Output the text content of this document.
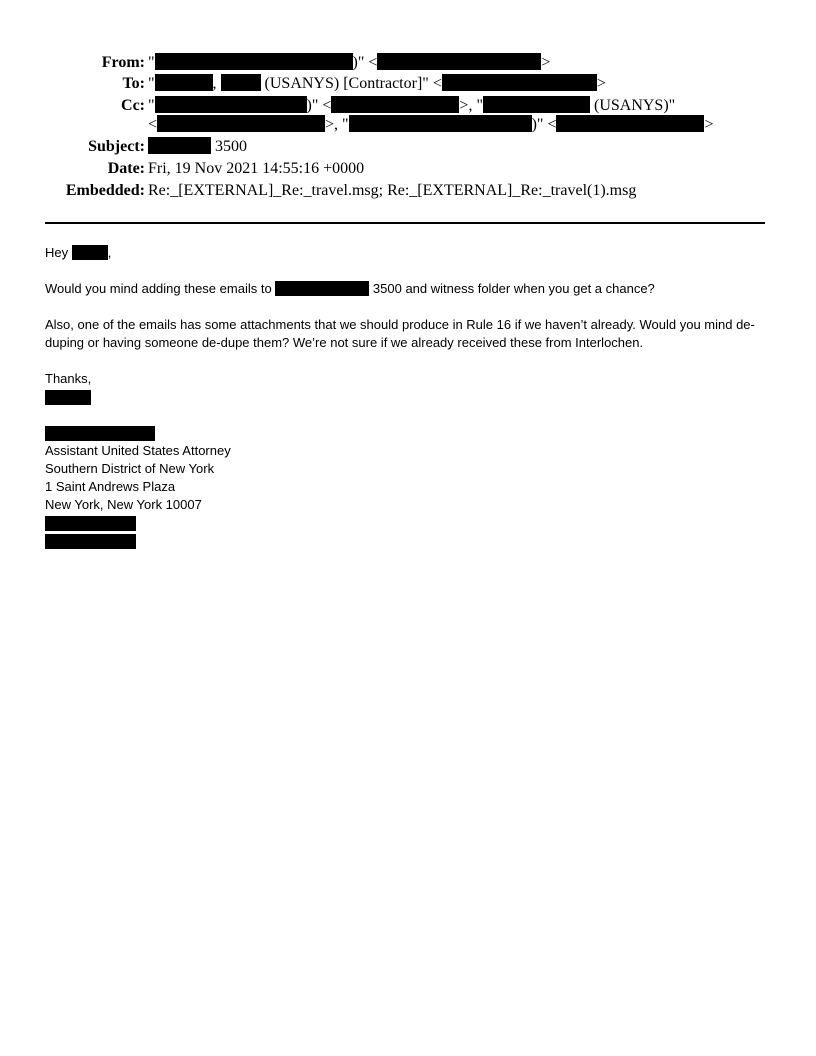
From: "	)" <	>
To: "	,	(USANYS) [Contractor]" <	>
Cc: "	)" <	>, "	(USANYS)"
<	>, "	)" <	>
Subject:	3500
Date: Fri, 19 Nov 2021 14:55:16 +0000
Embedded: Re:_[EXTERNAL]_Re:_travel.msg; Re:_[EXTERNAL]_Re:_travel(1).msg
Hey	,
Would you mind adding these emails to	3500 and witness folder when you get a chance?
Also, one of the emails has some attachments that we should produce in Rule 16 if we haven’t already. Would you mind de-duping or having someone de-dupe them? We’re not sure if we already received these from Interlochen.
Thanks,
Assistant United States Attorney
Southern District of New York
1 Saint Andrews Plaza
New York, New York 10007
